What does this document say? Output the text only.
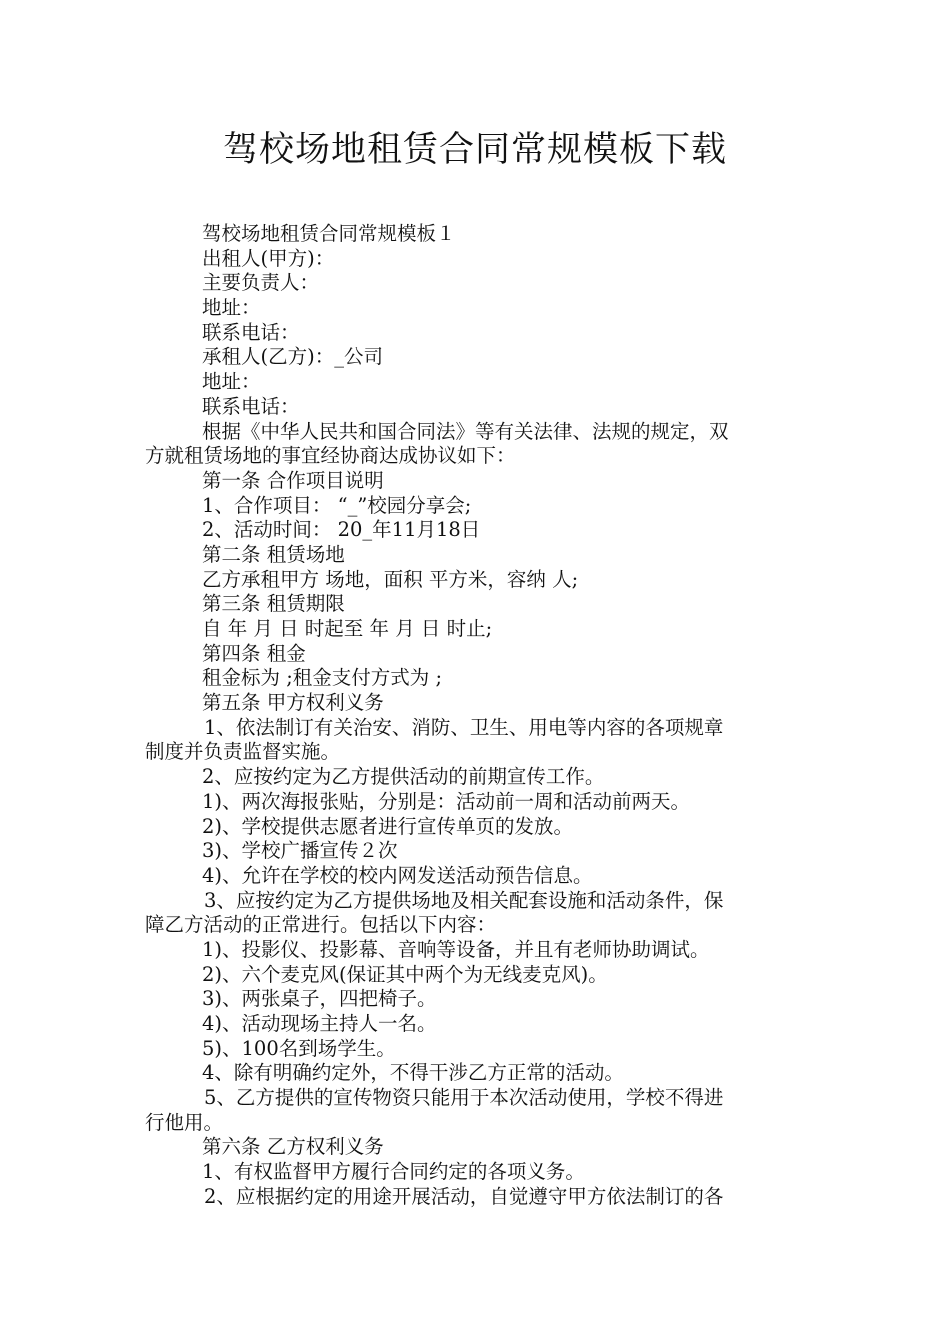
驾校场地租赁合同常规模板下载
驾校场地租赁合同常规模板１
出租人(甲方)：
主要负责人：
地址：
联系电话：
承租人(乙方)：_公司
地址：
联系电话：
根据《中华人民共和国合同法》等有关法律、法规的规定，双
方就租赁场地的事宜经协商达成协议如下：
第一条 合作项目说明
1、合作项目： “_”校园分享会;
2、活动时间： 20_年11月18日
第二条 租赁场地
乙方承租甲方 场地，面积 平方米，容纳 人;
第三条 租赁期限
自 年 月 日 时起至 年 月 日 时止;
第四条 租金
租金标为 ;租金支付方式为 ;
第五条 甲方权利义务
1、依法制订有关治安、消防、卫生、用电等内容的各项规章
制度并负责监督实施。
2、应按约定为乙方提供活动的前期宣传工作。
1)、两次海报张贴，分别是：活动前一周和活动前两天。
2)、学校提供志愿者进行宣传单页的发放。
3)、学校广播宣传２次
4)、允许在学校的校内网发送活动预告信息。
3、应按约定为乙方提供场地及相关配套设施和活动条件，保
障乙方活动的正常进行。包括以下内容：
1)、投影仪、投影幕、音响等设备，并且有老师协助调试。
2)、六个麦克风(保证其中两个为无线麦克风)。
3)、两张桌子，四把椅子。
4)、活动现场主持人一名。
5)、100名到场学生。
4、除有明确约定外，不得干涉乙方正常的活动。
5、乙方提供的宣传物资只能用于本次活动使用，学校不得进
行他用。
第六条 乙方权利义务
1、有权监督甲方履行合同约定的各项义务。
2、应根据约定的用途开展活动，自觉遵守甲方依法制订的各
